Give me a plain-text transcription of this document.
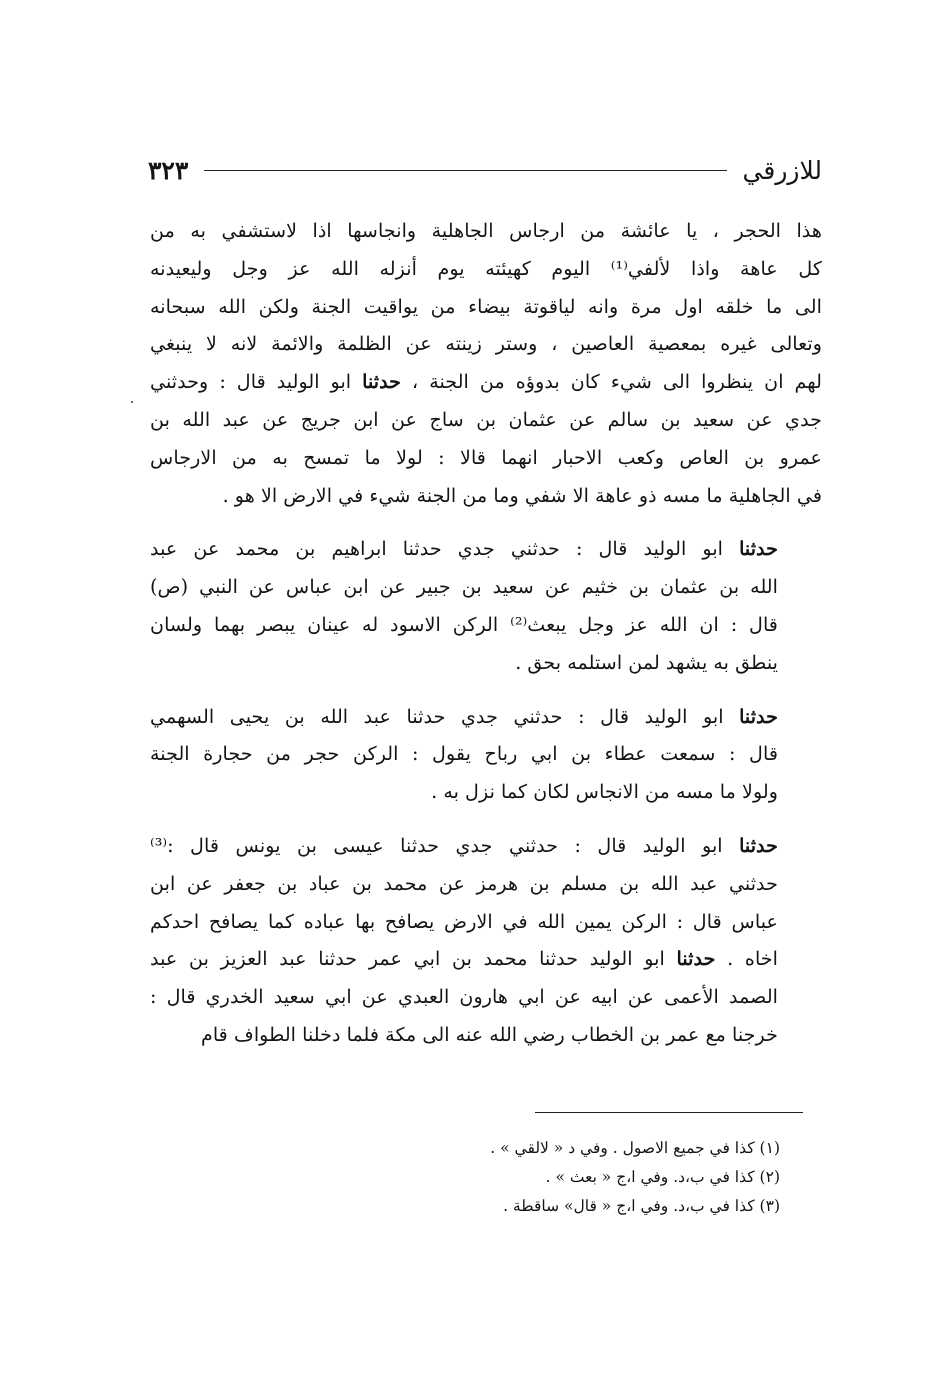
للازرقي
٣٢٣
هذا الحجر ، يا عائشة من ارجاس الجاهلية وانجاسها اذا لاستشفي به من
كل عاهة واذا لألفي⁽¹⁾ اليوم كهيئته يوم أنزله الله عز وجل وليعيدنه
الى ما خلقه اول مرة وانه لياقوتة بيضاء من يواقيت الجنة ولكن الله سبحانه
وتعالى غيره بمعصية العاصين ، وستر زينته عن الظلمة والائمة لانه لا ينبغي
لهم ان ينظروا الى شيء كان بدوؤه من الجنة ، حدثنا ابو الوليد قال : وحدثني
جدي عن سعيد بن سالم عن عثمان بن ساج عن ابن جريج عن عبد الله بن
عمرو بن العاص وكعب الاحبار انهما قالا : لولا ما تمسح به من الارجاس
في الجاهلية ما مسه ذو عاهة الا شفي وما من الجنة شيء في الارض الا هو .
حدثنا ابو الوليد قال : حدثني جدي حدثنا ابراهيم بن محمد عن عبد
الله بن عثمان بن خثيم عن سعيد بن جبير عن ابن عباس عن النبي (ص)
قال : ان الله عز وجل يبعث⁽²⁾ الركن الاسود له عينان يبصر بهما ولسان
ينطق به يشهد لمن استلمه بحق .
حدثنا ابو الوليد قال : حدثني جدي حدثنا عبد الله بن يحيى السهمي
قال : سمعت عطاء بن ابي رباح يقول : الركن حجر من حجارة الجنة
ولولا ما مسه من الانجاس لكان كما نزل به .
حدثنا ابو الوليد قال : حدثني جدي حدثنا عيسى بن يونس قال :⁽³⁾
حدثني عبد الله بن مسلم بن هرمز عن محمد بن عباد بن جعفر عن ابن
عباس قال : الركن يمين الله في الارض يصافح بها عباده كما يصافح احدكم
اخاه . حدثنا ابو الوليد حدثنا محمد بن ابي عمر حدثنا عبد العزيز بن عبد
الصمد الأعمى عن ابيه عن ابي هارون العبدي عن ابي سعيد الخدري قال :
خرجنا مع عمر بن الخطاب رضي الله عنه الى مكة فلما دخلنا الطواف قام
(١) كذا في جميع الاصول . وفي د « لالقي » .
(٢) كذا في ب،د. وفي ا،ج « بعث » .
(٣) كذا في ب،د. وفي ا،ج « قال» ساقطة .
